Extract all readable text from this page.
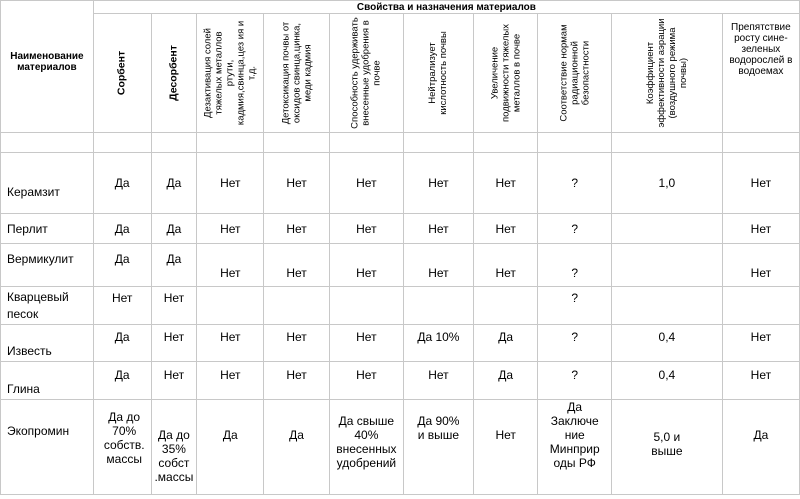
Наименование материалов	Свойства и назначения материалов									

	Сорбент	Десорбент	Дезактивация солей тяжелых металлов ртути, кадмия,свинца,цез ия и т.д.	Детоксикация почвы от оксидов свинца,цинка, меди кадмия	Способность удерживать внесенные удобрения в почве	Нейтрализует кислотность почвы	Увеличение подвижности тяжелых металлов в почве	Соответствие нормам радиационной безопастности	Коэффициент эффективности аэрации (воздушного режима почвы)	Препятствие росту сине-зеленых водорослей в водоемах

Керамзит	Да	Да	Нет	Нет	Нет	Нет	Нет	?	1,0	Нет
Перлит	Да	Да	Нет	Нет	Нет	Нет	Нет	?		Нет
Вермикулит	Да	Да	Нет	Нет	Нет	Нет	Нет	?		Нет
Кварцевый песок	Нет	Нет						?		
Известь	Да	Нет	Нет	Нет	Нет	Да 10%	Да	?	0,4	Нет
Глина	Да	Нет	Нет	Нет	Нет	Нет	Да	?	0,4	Нет
Экопромин	Да до 70% собств. массы	Да до 35% собст .массы	Да	Да	Да свыше 40% внесенных удобрений	Да 90% и выше	Нет	Да Заключе ние Минприр оды РФ	5,0 и выше	Да
